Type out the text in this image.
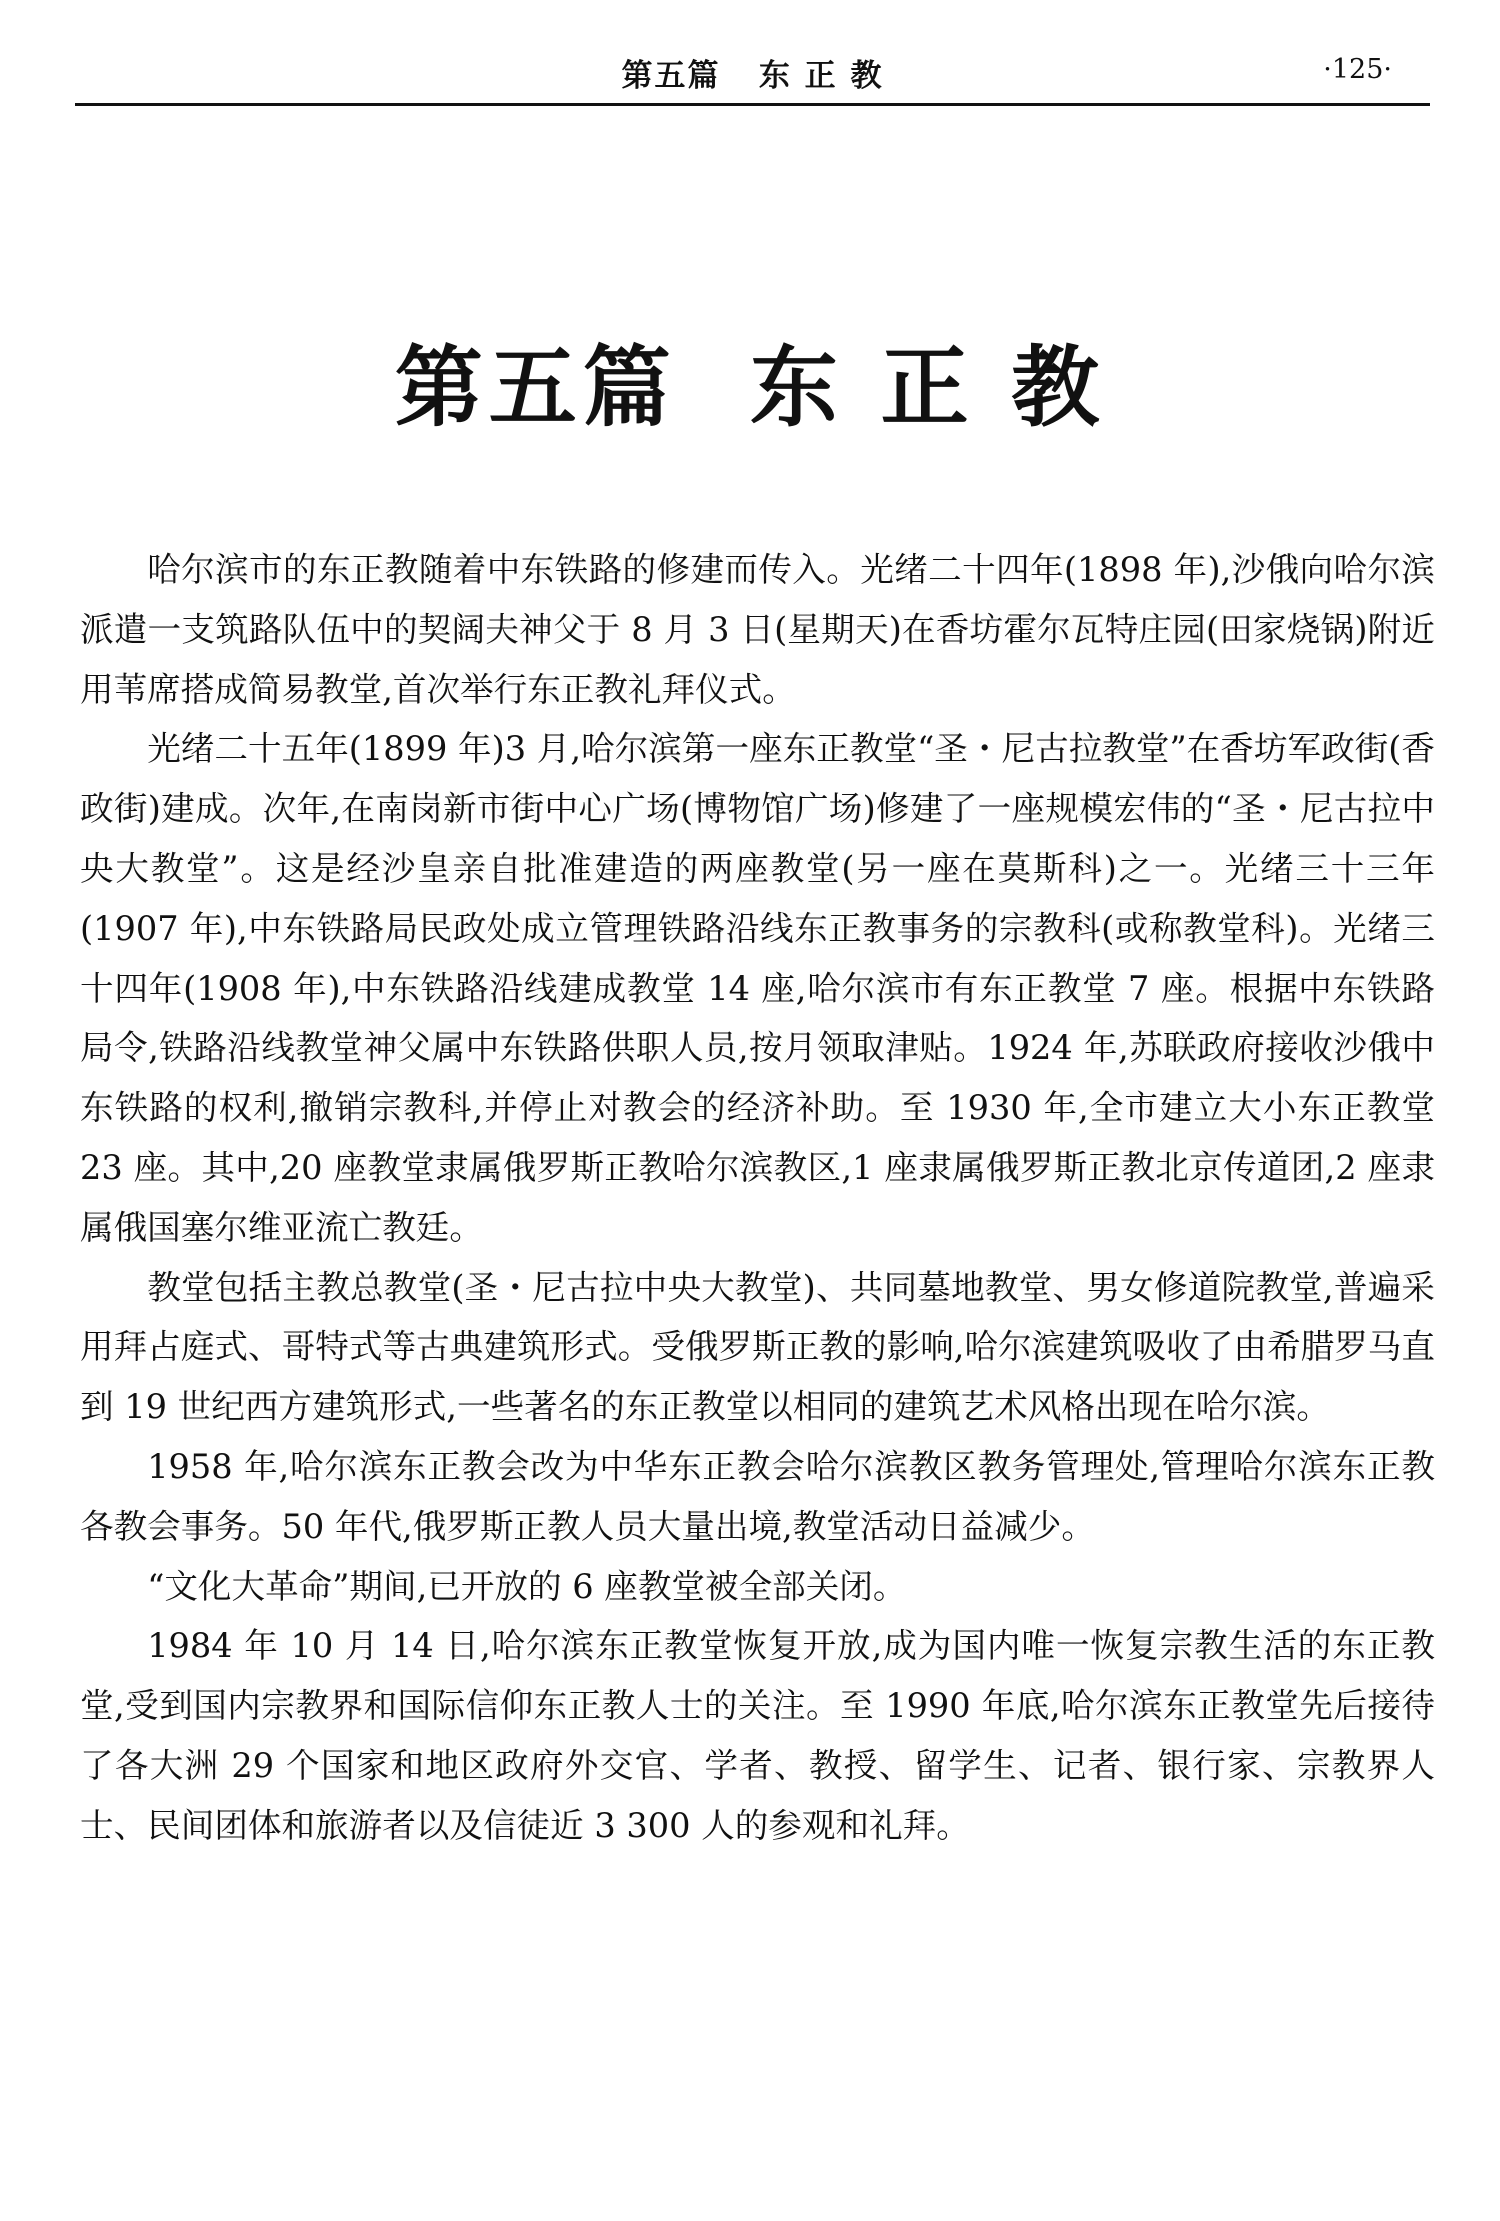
第五篇   东 正 教	·125·
第五篇  东 正 教

哈尔滨市的东正教随着中东铁路的修建而传入。光绪二十四年(1898 年),沙俄向哈尔滨派遣一支筑路队伍中的契阔夫神父于 8 月 3 日(星期天)在香坊霍尔瓦特庄园(田家烧锅)附近用苇席搭成简易教堂,首次举行东正教礼拜仪式。

光绪二十五年(1899 年)3 月,哈尔滨第一座东正教堂“圣・尼古拉教堂”在香坊军政街(香政街)建成。次年,在南岗新市街中心广场(博物馆广场)修建了一座规模宏伟的“圣・尼古拉中央大教堂”。这是经沙皇亲自批准建造的两座教堂(另一座在莫斯科)之一。光绪三十三年(1907 年),中东铁路局民政处成立管理铁路沿线东正教事务的宗教科(或称教堂科)。光绪三十四年(1908 年),中东铁路沿线建成教堂 14 座,哈尔滨市有东正教堂 7 座。根据中东铁路局令,铁路沿线教堂神父属中东铁路供职人员,按月领取津贴。1924 年,苏联政府接收沙俄中东铁路的权利,撤销宗教科,并停止对教会的经济补助。至 1930 年,全市建立大小东正教堂 23 座。其中,20 座教堂隶属俄罗斯正教哈尔滨教区,1 座隶属俄罗斯正教北京传道团,2 座隶属俄国塞尔维亚流亡教廷。

教堂包括主教总教堂(圣・尼古拉中央大教堂)、共同墓地教堂、男女修道院教堂,普遍采用拜占庭式、哥特式等古典建筑形式。受俄罗斯正教的影响,哈尔滨建筑吸收了由希腊罗马直到 19 世纪西方建筑形式,一些著名的东正教堂以相同的建筑艺术风格出现在哈尔滨。

1958 年,哈尔滨东正教会改为中华东正教会哈尔滨教区教务管理处,管理哈尔滨东正教各教会事务。50 年代,俄罗斯正教人员大量出境,教堂活动日益减少。

“文化大革命”期间,已开放的 6 座教堂被全部关闭。

1984 年 10 月 14 日,哈尔滨东正教堂恢复开放,成为国内唯一恢复宗教生活的东正教堂,受到国内宗教界和国际信仰东正教人士的关注。至 1990 年底,哈尔滨东正教堂先后接待了各大洲 29 个国家和地区政府外交官、学者、教授、留学生、记者、银行家、宗教界人士、民间团体和旅游者以及信徒近 3 300 人的参观和礼拜。
